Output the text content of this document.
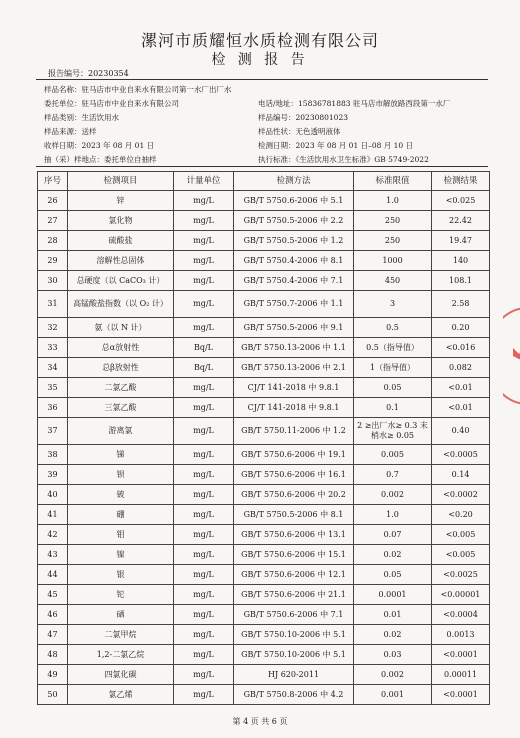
漯河市质耀恒水质检测有限公司
检 测 报 告
报告编号：20230354
样品名称：驻马店市中业自来水有限公司第一水厂出厂水
委托单位：驻马店市中业自来水有限公司
样品类别：生活饮用水
样品来源：送样
收样日期：2023 年 08 月 01 日
抽（采）样地点：委托单位自抽样
电话/地址：15836781883 驻马店市解放路西段第一水厂
样品编号：20230801023
样品性状：无色透明液体
检测日期：2023 年 08 月 01 日–08 月 10 日
执行标准：《生活饮用水卫生标准》GB 5749-2022
序号	检测项目	计量单位	检测方法	标准限值	检测结果
26	锌	mg/L	GB/T 5750.6-2006 中 5.1	1.0	<0.025
27	氯化物	mg/L	GB/T 5750.5-2006 中 2.2	250	22.42
28	硫酸盐	mg/L	GB/T 5750.5-2006 中 1.2	250	19.47
29	溶解性总固体	mg/L	GB/T 5750.4-2006 中 8.1	1000	140
30	总硬度（以 CaCO₃ 计）	mg/L	GB/T 5750.4-2006 中 7.1	450	108.1
31	高锰酸盐指数（以 O₂ 计）	mg/L	GB/T 5750.7-2006 中 1.1	3	2.58
32	氨（以 N 计）	mg/L	GB/T 5750.5-2006 中 9.1	0.5	0.20
33	总α放射性	Bq/L	GB/T 5750.13-2006 中 1.1	0.5（指导值）	<0.016
34	总β放射性	Bq/L	GB/T 5750.13-2006 中 2.1	1（指导值）	0.082
35	二氯乙酸	mg/L	CJ/T 141-2018 中 9.8.1	0.05	<0.01
36	三氯乙酸	mg/L	CJ/T 141-2018 中 9.8.1	0.1	<0.01
37	游离氯	mg/L	GB/T 5750.11-2006 中 1.2	2 ≥出厂水≥ 0.3 末梢水≥ 0.05	0.40
38	锑	mg/L	GB/T 5750.6-2006 中 19.1	0.005	<0.0005
39	钡	mg/L	GB/T 5750.6-2006 中 16.1	0.7	0.14
40	铍	mg/L	GB/T 5750.6-2006 中 20.2	0.002	<0.0002
41	硼	mg/L	GB/T 5750.5-2006 中 8.1	1.0	<0.20
42	钼	mg/L	GB/T 5750.6-2006 中 13.1	0.07	<0.005
43	镍	mg/L	GB/T 5750.6-2006 中 15.1	0.02	<0.005
44	银	mg/L	GB/T 5750.6-2006 中 12.1	0.05	<0.0025
45	铊	mg/L	GB/T 5750.6-2006 中 21.1	0.0001	<0.00001
46	硒	mg/L	GB/T 5750.6-2006 中 7.1	0.01	<0.0004
47	二氯甲烷	mg/L	GB/T 5750.10-2006 中 5.1	0.02	0.0013
48	1,2-二氯乙烷	mg/L	GB/T 5750.10-2006 中 5.1	0.03	<0.0001
49	四氯化碳	mg/L	HJ 620-2011	0.002	0.00011
50	氯乙烯	mg/L	GB/T 5750.8-2006 中 4.2	0.001	<0.0001
第 4 页 共 6 页
